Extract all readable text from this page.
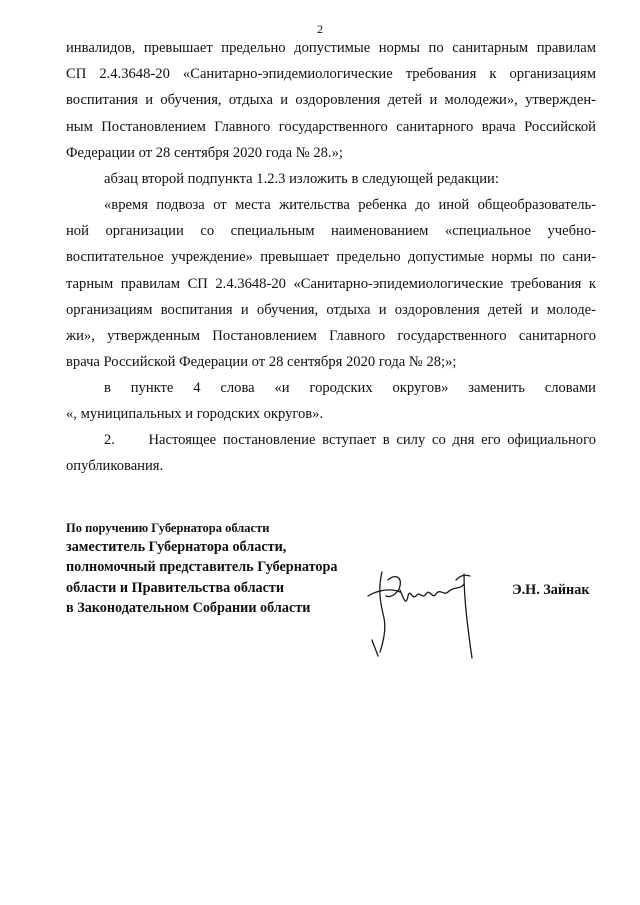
2

инвалидов, превышает предельно допустимые нормы по санитарным правилам
СП 2.4.3648-20 «Санитарно-эпидемиологические требования к организациям
воспитания и обучения, отдыха и оздоровления детей и молодежи», утвержден-
ным Постановлением Главного государственного санитарного врача Российской
Федерации от 28 сентября 2020 года № 28.»;

абзац второй подпункта 1.2.3 изложить в следующей редакции:

«время подвоза от места жительства ребенка до иной общеобразователь-
ной организации со специальным наименованием «специальное учебно-
воспитательное учреждение» превышает предельно допустимые нормы по сани-
тарным правилам СП 2.4.3648-20 «Санитарно-эпидемиологические требования к
организациям воспитания и обучения, отдыха и оздоровления детей и молоде-
жи», утвержденным Постановлением Главного государственного санитарного
врача Российской Федерации от 28 сентября 2020 года № 28;»;

в пункте 4 слова «и городских округов» заменить словами
«, муниципальных и городских округов».

2.     Настоящее постановление вступает в силу со дня его официального
опубликования.

По поручению Губернатора области
заместитель Губернатора области,
полномочный представитель Губернатора
области и Правительства области
в Законодательном Собрании области
Э.Н. Зайнак
